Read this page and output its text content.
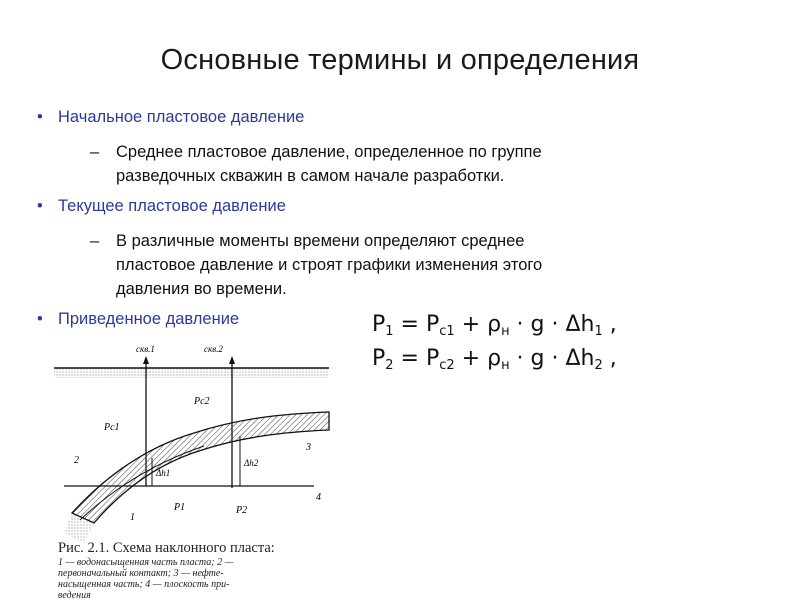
Основные термины и определения
• Начальное пластовое давление
– Среднее пластовое давление, определенное по группе
разведочных скважин в самом начале разработки.
• Текущее пластовое давление
– В различные моменты времени определяют среднее
пластовое давление и строят графики изменения этого
давления во времени.
• Приведенное давление	$P_1 = P_{c1} + \rho_н \cdot g \cdot \Delta h_1$ ,
$P_2 = P_{c2} + \rho_н \cdot g \cdot \Delta h_2$ ,
скв.1	скв.2
Pc1
Pc2
P1	P2
Δh1
Δh2
2
3
4
1
Рис. 2.1. Схема наклонного пласта:
1 — водонасыщенная часть пласта; 2 —
первоначальный контакт; 3 — нефте-
насыщенная часть; 4 — плоскость при-
ведения
